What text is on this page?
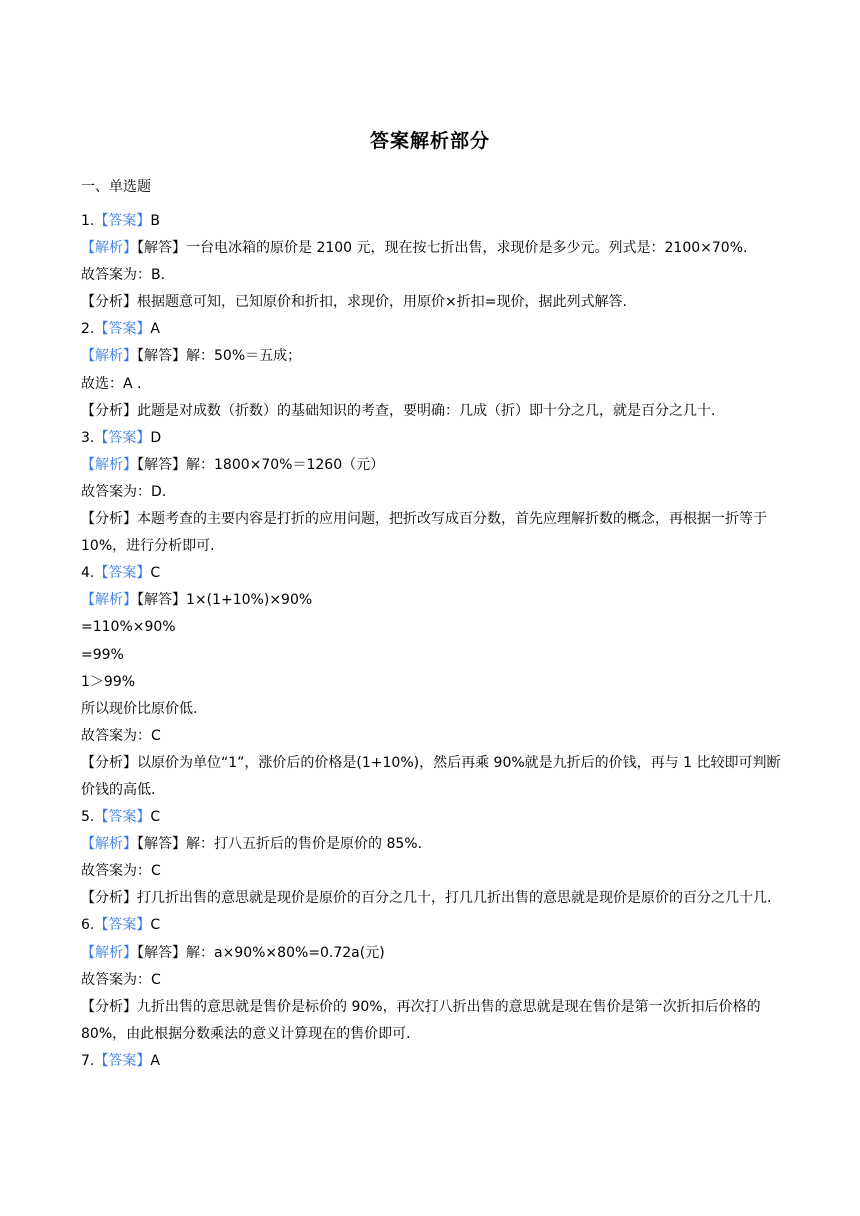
答案解析部分
一、单选题
1.【答案】B
【解析】【解答】一台电冰箱的原价是 2100 元，现在按七折出售，求现价是多少元。列式是：2100×70%.
故答案为：B.
【分析】根据题意可知，已知原价和折扣，求现价，用原价×折扣=现价，据此列式解答.
2.【答案】A
【解析】【解答】解：50%＝五成；
故选：A .
【分析】此题是对成数（折数）的基础知识的考查，要明确：几成（折）即十分之几，就是百分之几十.
3.【答案】D
【解析】【解答】解：1800×70%＝1260（元）
故答案为：D.
【分析】本题考查的主要内容是打折的应用问题，把折改写成百分数，首先应理解折数的概念，再根据一折等于 10%，进行分析即可.
4.【答案】C
【解析】【解答】1×(1+10%)×90%
=110%×90%
=99%
1＞99%
所以现价比原价低.
故答案为：C
【分析】以原价为单位“1”，涨价后的价格是(1+10%)，然后再乘 90%就是九折后的价钱，再与 1 比较即可判断价钱的高低.
5.【答案】C
【解析】【解答】解：打八五折后的售价是原价的 85%.
故答案为：C
【分析】打几折出售的意思就是现价是原价的百分之几十，打几几折出售的意思就是现价是原价的百分之几十几.
6.【答案】C
【解析】【解答】解：a×90%×80%=0.72a(元)
故答案为：C
【分析】九折出售的意思就是售价是标价的 90%，再次打八折出售的意思就是现在售价是第一次折扣后价格的 80%，由此根据分数乘法的意义计算现在的售价即可.
7.【答案】A
